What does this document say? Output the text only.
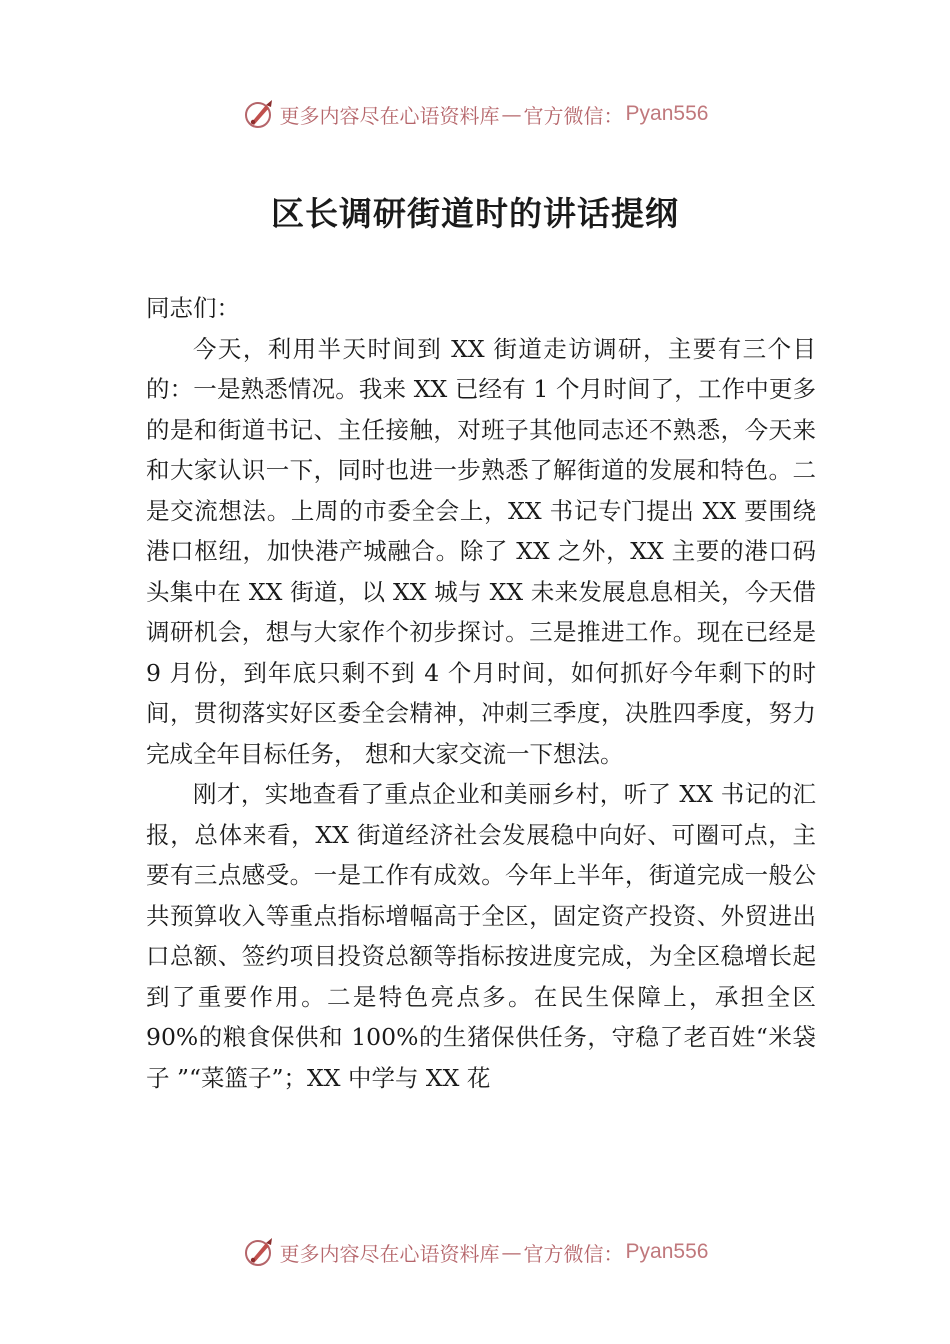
更多内容尽在心语资料库 — 官方微信： Pyan556
区长调研街道时的讲话提纲

同志们：

今天，利用半天时间到 XX 街道走访调研，主要有三个目的：一是熟悉情况。我来 XX 已经有 1 个月时间了，工作中更多的是和街道书记、主任接触，对班子其他同志还不熟悉，今天来和大家认识一下，同时也进一步熟悉了解街道的发展和特色。二是交流想法。上周的市委全会上，XX 书记专门提出 XX 要围绕港口枢纽，加快港产城融合。除了 XX 之外，XX 主要的港口码头集中在 XX 街道，以 XX 城与 XX 未来发展息息相关，今天借调研机会，想与大家作个初步探讨。三是推进工作。现在已经是 9 月份，到年底只剩不到 4 个月时间，如何抓好今年剩下的时间，贯彻落实好区委全会精神，冲刺三季度，决胜四季度，努力完成全年目标任务， 想和大家交流一下想法。

刚才，实地查看了重点企业和美丽乡村，听了 XX 书记的汇报，总体来看，XX 街道经济社会发展稳中向好、可圈可点，主要有三点感受。一是工作有成效。今年上半年，街道完成一般公共预算收入等重点指标增幅高于全区，固定资产投资、外贸进出口总额、签约项目投资总额等指标按进度完成，为全区稳增长起到了重要作用。二是特色亮点多。在民生保障上，承担全区 90%的粮食保供和 100%的生猪保供任务，守稳了老百姓“米袋子 ”“菜篮子”；XX 中学与 XX 花

更多内容尽在心语资料库 — 官方微信： Pyan556
